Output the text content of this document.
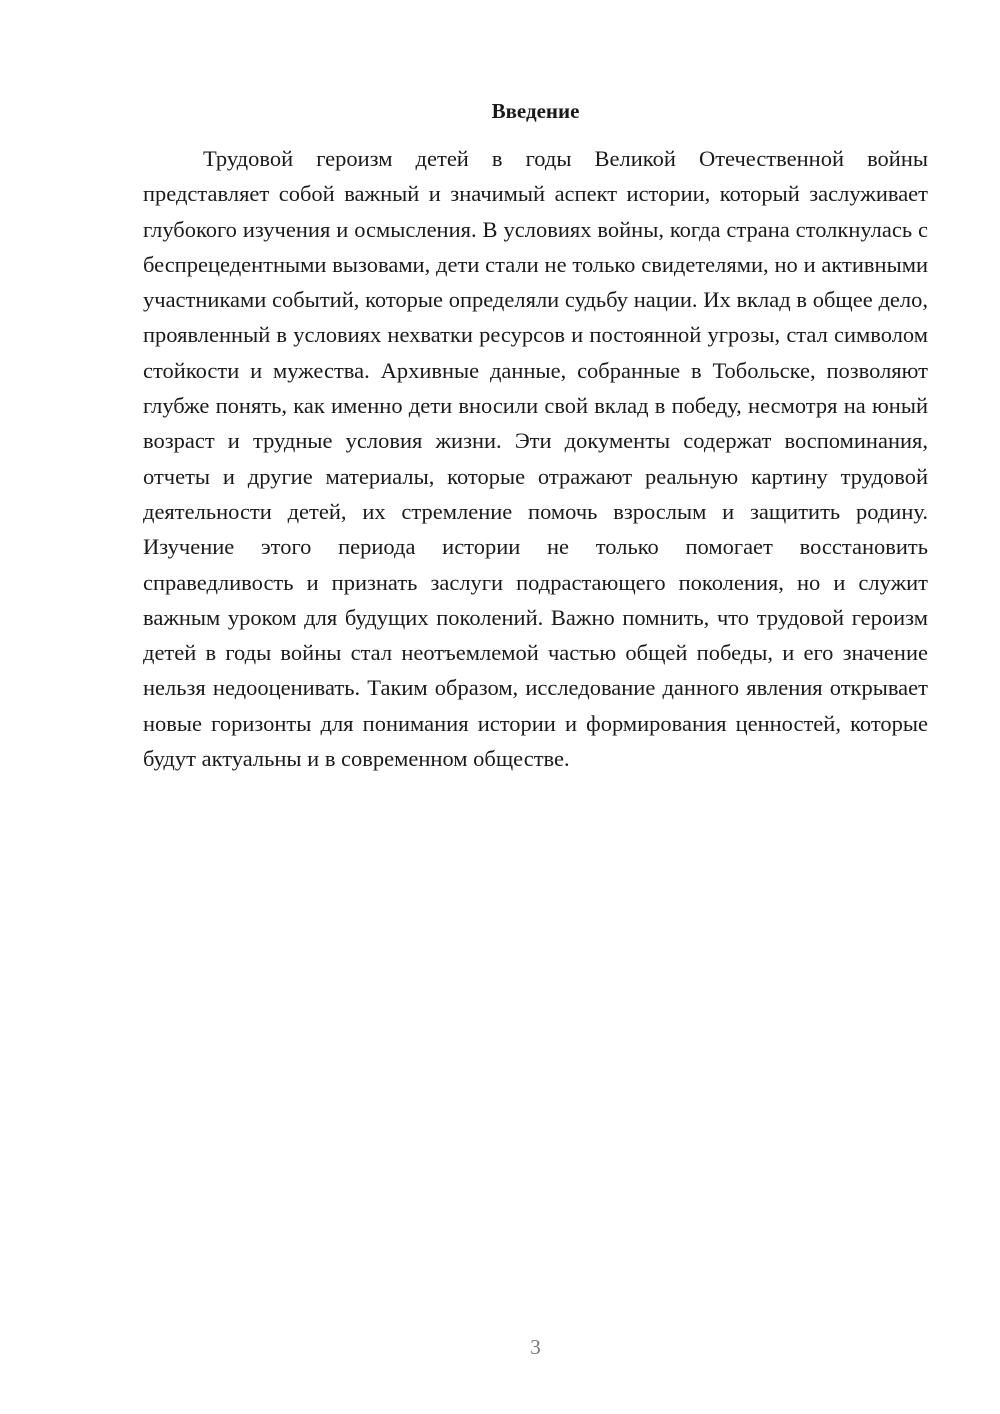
Введение

Трудовой героизм детей в годы Великой Отечественной войны представляет собой важный и значимый аспект истории, который заслуживает глубокого изучения и осмысления. В условиях войны, когда страна столкнулась с беспрецедентными вызовами, дети стали не только свидетелями, но и активными участниками событий, которые определяли судьбу нации. Их вклад в общее дело, проявленный в условиях нехватки ресурсов и постоянной угрозы, стал символом стойкости и мужества. Архивные данные, собранные в Тобольске, позволяют глубже понять, как именно дети вносили свой вклад в победу, несмотря на юный возраст и трудные условия жизни. Эти документы содержат воспоминания, отчеты и другие материалы, которые отражают реальную картину трудовой деятельности детей, их стремление помочь взрослым и защитить родину. Изучение этого периода истории не только помогает восстановить справедливость и признать заслуги подрастающего поколения, но и служит важным уроком для будущих поколений. Важно помнить, что трудовой героизм детей в годы войны стал неотъемлемой частью общей победы, и его значение нельзя недооценивать. Таким образом, исследование данного явления открывает новые горизонты для понимания истории и формирования ценностей, которые будут актуальны и в современном обществе.

3
